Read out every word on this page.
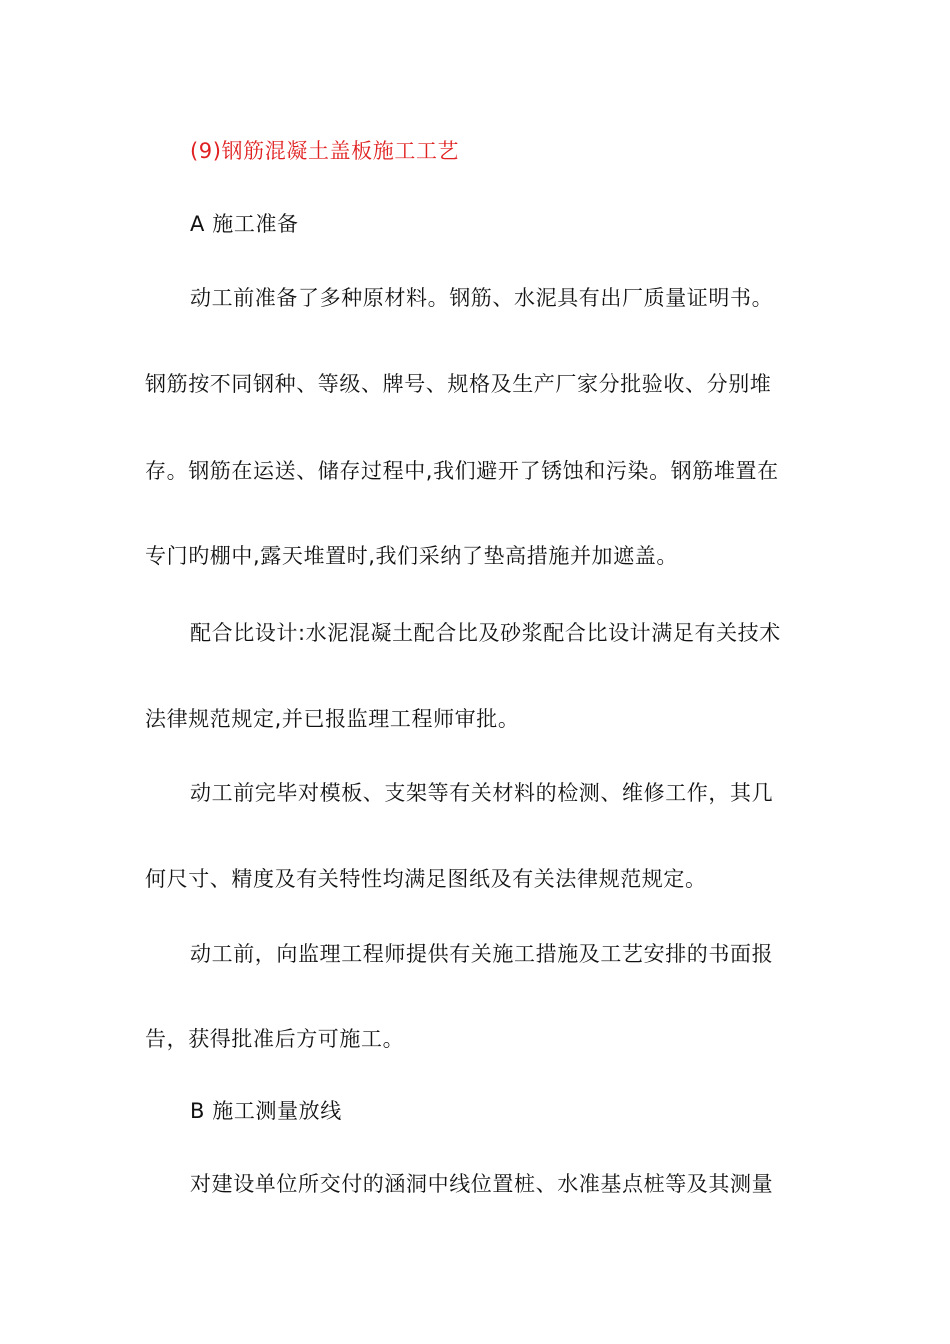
(9)钢筋混凝土盖板施工工艺
A 施工准备
动工前准备了多种原材料。钢筋、水泥具有出厂质量证明书。
钢筋按不同钢种、等级、牌号、规格及生产厂家分批验收、分别堆
存。钢筋在运送、储存过程中,我们避开了锈蚀和污染。钢筋堆置在
专门旳棚中,露天堆置时,我们采纳了垫高措施并加遮盖。
配合比设计:水泥混凝土配合比及砂浆配合比设计满足有关技术
法律规范规定,并已报监理工程师审批。
动工前完毕对模板、支架等有关材料的检测、维修工作，其几
何尺寸、精度及有关特性均满足图纸及有关法律规范规定。
动工前，向监理工程师提供有关施工措施及工艺安排的书面报
告，获得批准后方可施工。
B 施工测量放线
对建设单位所交付的涵洞中线位置桩、水准基点桩等及其测量
